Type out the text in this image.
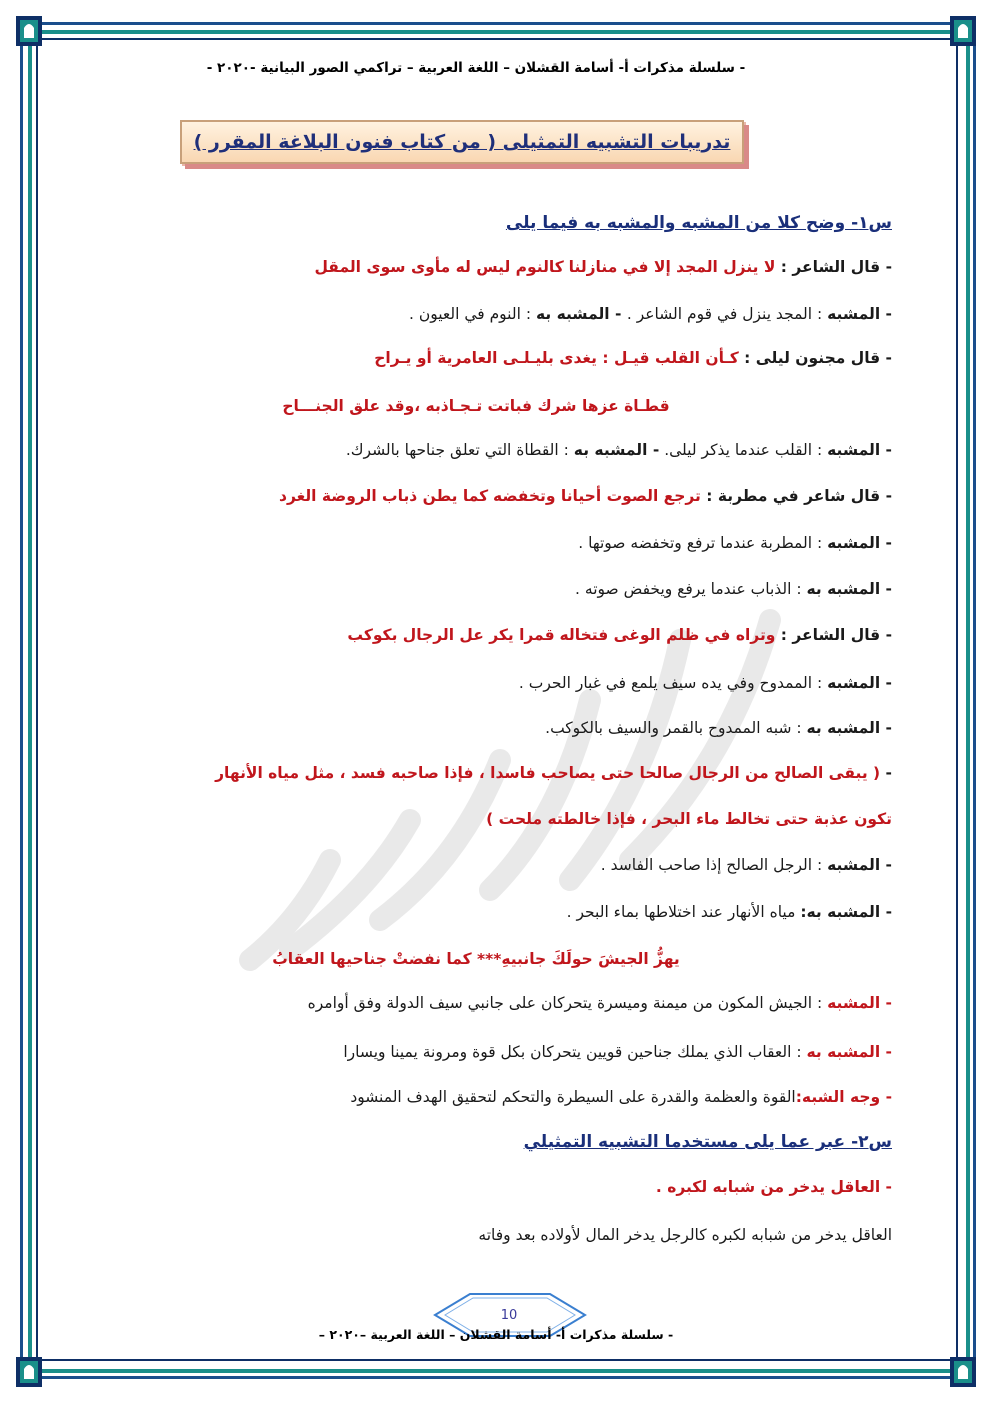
- سلسلة مذكرات أ- أسامة القشلان – اللغة العربية – تراكمي الصور البيانية -٢٠٢٠ -
تدريبات التشبيه التمثيلى ( من كتاب فنون البلاغة المقرر )
س١- وضح كلا من المشبه والمشبه به فيما يلى
- قال الشاعر : لا ينزل المجد إلا في منازلنا كالنوم ليس له مأوى سوى المقل
- المشبه : المجد ينزل في قوم الشاعر . - المشبه به : النوم في العيون .
- قال مجنون ليلى : كـأن القلب قيـل : يغدى بليـلـى العامرية أو يـراح
قطـاة عزها شرك فباتت تـجـاذبه ،وقد علق الجنـــاح
- المشبه : القلب عندما يذكر ليلى. - المشبه به : القطاة التي تعلق جناحها بالشرك.
- قال شاعر في مطربة : ترجع الصوت أحيانا وتخفضه كما يطن ذباب الروضة الغرد
- المشبه : المطربة عندما ترفع وتخفضه صوتها .
- المشبه به : الذباب عندما يرفع ويخفض صوته .
- قال الشاعر : وتراه في ظلم الوغى فتخاله قمرا يكر عل الرجال بكوكب
- المشبه : الممدوح وفي يده سيف يلمع في غبار الحرب .
- المشبه به : شبه الممدوح بالقمر والسيف بالكوكب.
- ( يبقى الصالح من الرجال صالحا حتى يصاحب فاسدا ، فإذا صاحبه فسد ، مثل مياه الأنهار
تكون عذبة حتى تخالط ماء البحر ، فإذا خالطته ملحت )
- المشبه : الرجل الصالح إذا صاحب الفاسد .
- المشبه به: مياه الأنهار عند اختلاطها بماء البحر .
يهزُّ الجيشَ حولَكَ جانبيهِ*** كما نفضتْ جناحيها العقابُ
- المشبه : الجيش المكون من ميمنة وميسرة يتحركان على جانبي سيف الدولة وفق أوامره
- المشبه به : العقاب الذي يملك جناحين قويين يتحركان بكل قوة ومرونة يمينا ويسارا
- وجه الشبه:القوة والعظمة والقدرة على السيطرة والتحكم لتحقيق الهدف المنشود
س٢- عبر عما يلى مستخدما التشبيه التمثيلي
- العاقل يدخر من شبابه لكبره .
العاقل يدخر من شبابه لكبره كالرجل يدخر المال لأولاده بعد وفاته
10
- سلسلة مذكرات أ- أسامة القشلان – اللغة العربية –٢٠٢٠ –
